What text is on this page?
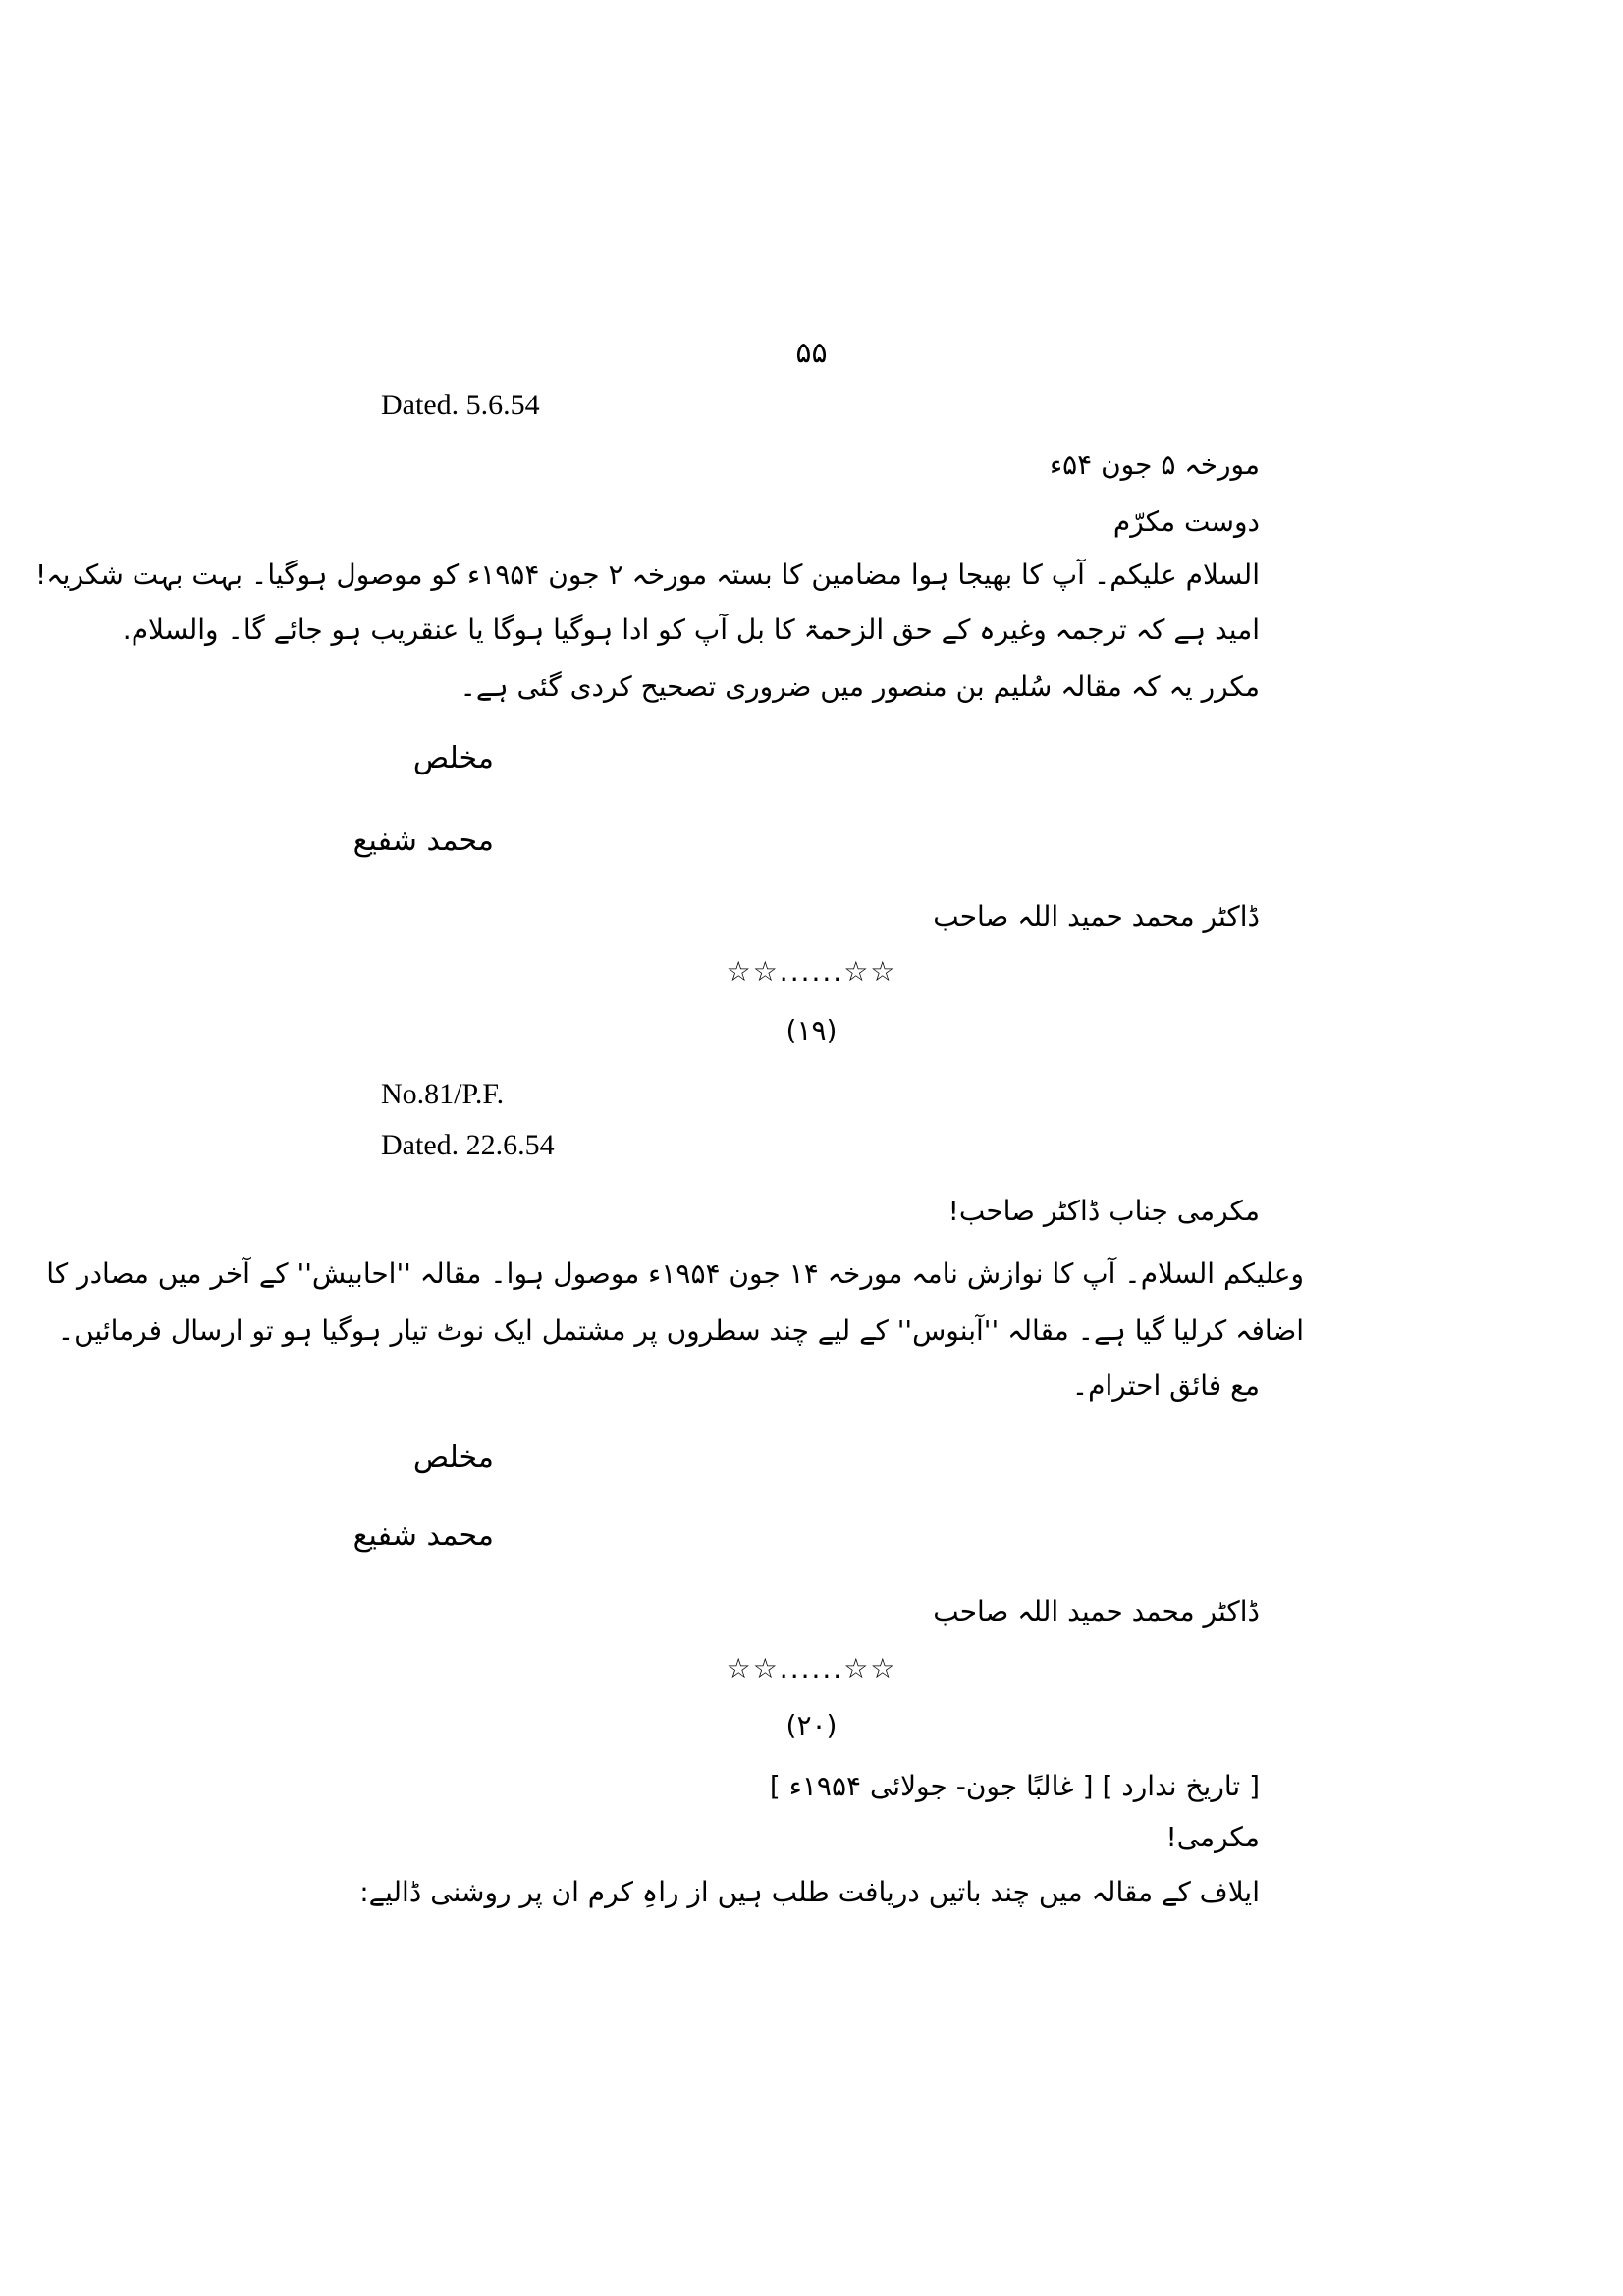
۵۵
Dated. 5.6.54
مورخہ ۵ جون ۵۴ء
دوست مکرّم
السلام علیکم۔ آپ کا بھیجا ہوا مضامین کا بستہ مورخہ ۲ جون ۱۹۵۴ء کو موصول ہوگیا۔ بہت بہت شکریہ!
امید ہے کہ ترجمہ وغیرہ کے حق الزحمۃ کا بل آپ کو ادا ہوگیا ہوگا یا عنقریب ہو جائے گا۔ والسلام.
مکرر یہ کہ مقالہ سُلیم بن منصور میں ضروری تصحیح کردی گئی ہے۔
مخلص
محمد شفیع
ڈاکٹر محمد حمید اللہ صاحب
☆☆......☆☆
(۱۹)
No.81/P.F.
Dated. 22.6.54
مکرمی جناب ڈاکٹر صاحب!
وعلیکم السلام۔ آپ کا نوازش نامہ مورخہ ۱۴ جون ۱۹۵۴ء موصول ہوا۔ مقالہ ''احابیش'' کے آخر میں مصادر کا
اضافہ کرلیا گیا ہے۔ مقالہ ''آبنوس'' کے لیے چند سطروں پر مشتمل ایک نوٹ تیار ہوگیا ہو تو ارسال فرمائیں۔
مع فائق احترام۔
مخلص
محمد شفیع
ڈاکٹر محمد حمید اللہ صاحب
☆☆......☆☆
(۲۰)
[ تاریخ ندارد ] [ غالبًا جون- جولائی ۱۹۵۴ء ]
مکرمی!
ایلاف کے مقالہ میں چند باتیں دریافت طلب ہیں از راہِ کرم ان پر روشنی ڈالیے:
